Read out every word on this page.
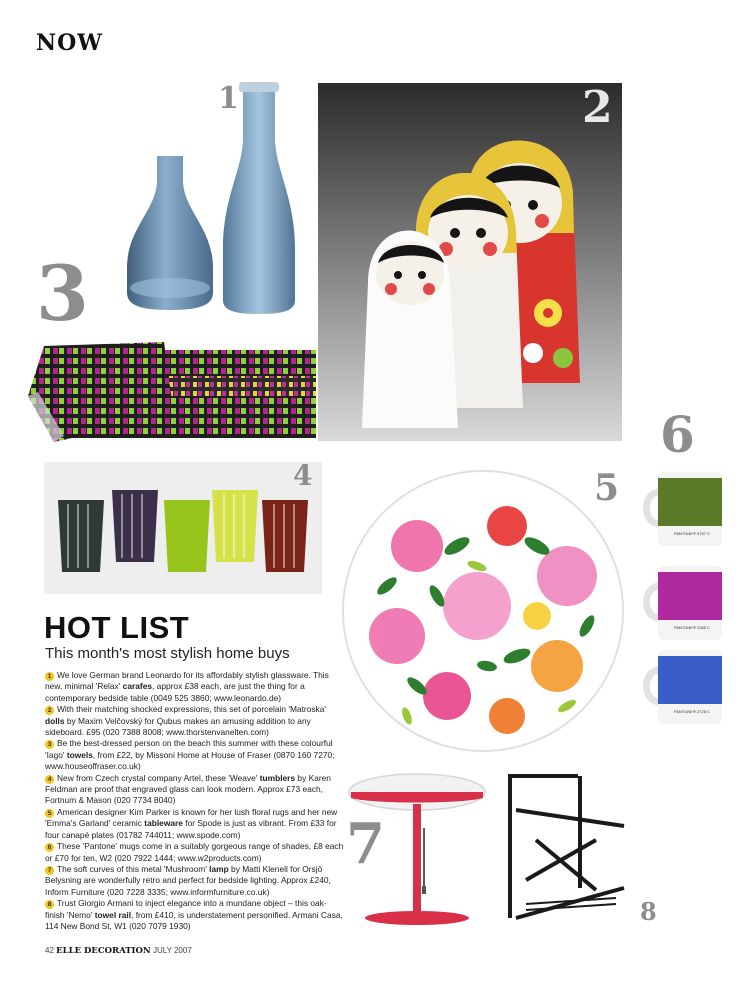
NOW
1	2
3
4	5
6
PANTONE® 5757 C
PANTONE® 2385 C
PANTONE® 2728 C
7
8
HOT LIST
This month's most stylish home buys

1 We love German brand Leonardo for its affordably stylish glassware. This new, minimal 'Relax' carafes, approx £38 each, are just the thing for a contemporary bedside table (0049 525 3860; www.leonardo.de)

2 With their matching shocked expressions, this set of porcelain 'Matroska' dolls by Maxim Velčovský for Qubus makes an amusing addition to any sideboard. £95 (020 7388 8008; www.thorstenvanelten.com)

3 Be the best-dressed person on the beach this summer with these colourful 'Iago' towels, from £22, by Missoni Home at House of Fraser (0870 160 7270; www.houseoffraser.co.uk)

4 New from Czech crystal company Artel, these 'Weave' tumblers by Karen Feldman are proof that engraved glass can look modern. Approx £73 each, Fortnum & Mason (020 7734 8040)

5 American designer Kim Parker is known for her lush floral rugs and her new 'Emma's Garland' ceramic tableware for Spode is just as vibrant. From £33 for four canapé plates (01782 744011; www.spode.com)

6 These 'Pantone' mugs come in a suitably gorgeous range of shades, £8 each or £70 for ten, W2 (020 7922 1444; www.w2products.com)

7 The soft curves of this metal 'Mushroom' lamp by Matti Klenell for Orsjö Belysning are wonderfully retro and perfect for bedside lighting. Approx £240, Inform Furniture (020 7228 3335; www.informfurniture.co.uk)

8 Trust Giorgio Armani to inject elegance into a mundane object – this oak-finish 'Nemo' towel rail, from £410, is understatement personified. Armani Casa, 114 New Bond St, W1 (020 7079 1930)

42 ELLE DECORATION JULY 2007
